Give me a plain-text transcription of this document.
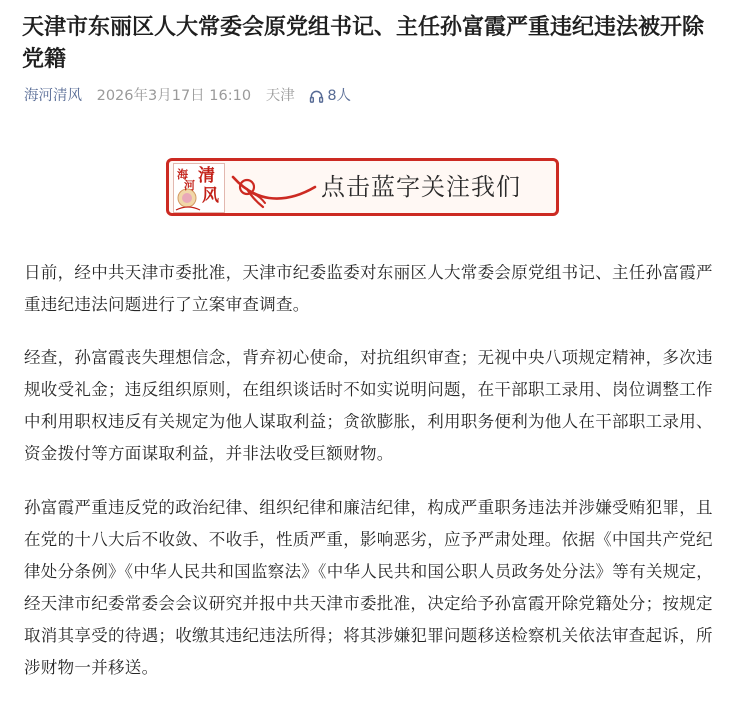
天津市东丽区人大常委会原党组书记、主任孙富霞严重违纪违法被开除党籍
海河清风 2026年3月17日 16:10 天津 8人
海
河 清
风	点击蓝字关注我们

日前，经中共天津市委批准，天津市纪委监委对东丽区人大常委会原党组书记、主任孙富霞严重违纪违法问题进行了立案审查调查。

经查，孙富霞丧失理想信念，背弃初心使命，对抗组织审查；无视中央八项规定精神，多次违规收受礼金；违反组织原则，在组织谈话时不如实说明问题，在干部职工录用、岗位调整工作中利用职权违反有关规定为他人谋取利益；贪欲膨胀，利用职务便利为他人在干部职工录用、资金拨付等方面谋取利益，并非法收受巨额财物。

孙富霞严重违反党的政治纪律、组织纪律和廉洁纪律，构成严重职务违法并涉嫌受贿犯罪，且在党的十八大后不收敛、不收手，性质严重，影响恶劣，应予严肃处理。依据《中国共产党纪律处分条例》《中华人民共和国监察法》《中华人民共和国公职人员政务处分法》等有关规定，经天津市纪委常委会会议研究并报中共天津市委批准，决定给予孙富霞开除党籍处分；按规定取消其享受的待遇；收缴其违纪违法所得；将其涉嫌犯罪问题移送检察机关依法审查起诉，所涉财物一并移送。
